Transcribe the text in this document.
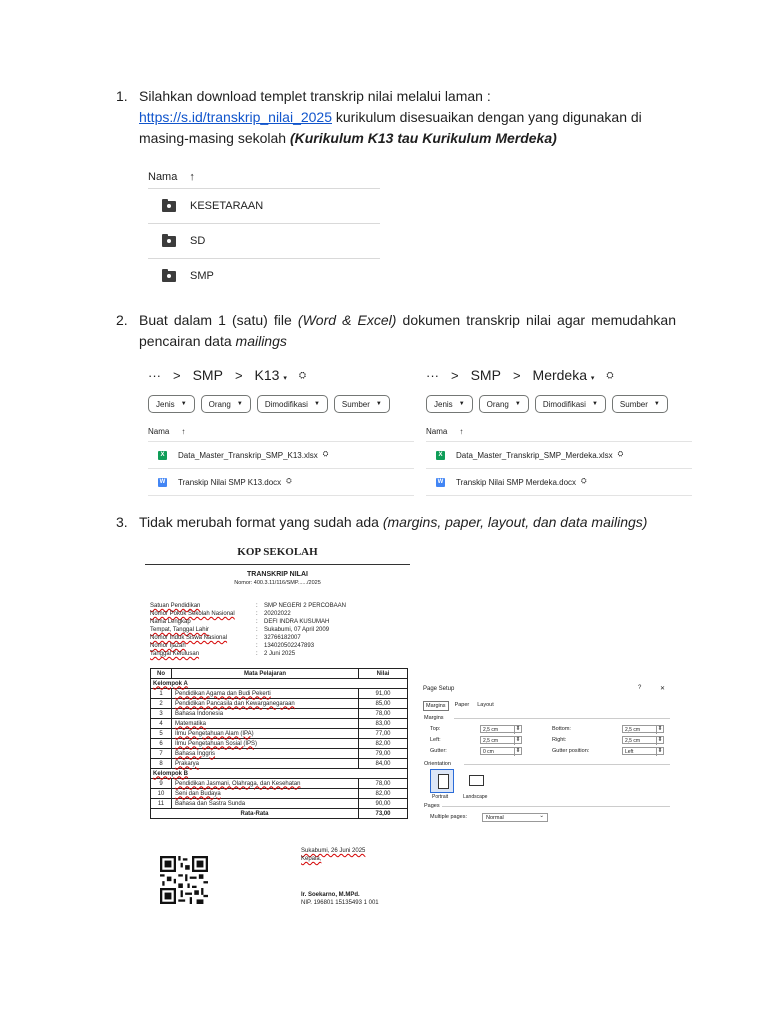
1. Silahkan download templet transkrip nilai melalui laman : https://s.id/transkrip_nilai_2025 kurikulum disesuaikan dengan yang digunakan di masing-masing sekolah (Kurikulum K13 tau Kurikulum Merdeka)
Nama ↑
KESETARAAN
SD
SMP
2. Buat dalam 1 (satu) file (Word & Excel) dokumen transkrip nilai agar memudahkan pencairan data mailings
··· > SMP > K13 ▾ ⛭
Jenis ▼	Orang ▼	Dimodifikasi ▼	Sumber ▼
Nama ↑
X	Data_Master_Transkrip_SMP_K13.xlsx ⛭
W Transkip Nilai SMP K13.docx ⛭
··· > SMP > Merdeka ▾ ⛭
Jenis ▼	Orang ▼	Dimodifikasi ▼	Sumber ▼
Nama ↑
X	Data_Master_Transkrip_SMP_Merdeka.xlsx ⛭
W Transkip Nilai SMP Merdeka.docx ⛭
3. Tidak merubah format yang sudah ada (margins, paper, layout, dan data mailings)
KOP SEKOLAH
TRANSKRIP NILAI
Nomor: 400.3.11/116/SMP....../2025
Satuan Pendidikan	:	SMP NEGERI 2 PERCOBAAN
Nomor Pokok Sekolah Nasional	:	20202022
Nama Lengkap	:	DEFI INDRA KUSUMAH
Tempat, Tanggal Lahir	:	Sukabumi, 07 April 2009
Nomor Induk Siswa Nasional	:	32766182007
Nomor Ijazah	:	134020502247893
Tanggal Kelulusan	:	2 Juni 2025
No	Mata Pelajaran	Nilai
Kelompok A		
1	Pendidikan Agama dan Budi Pekerti	91,00
2	Pendidikan Pancasila dan Kewarganegaraan	85,00
3	Bahasa Indonesia	78,00
4	Matematika	83,00
5	Ilmu Pengetahuan Alam (IPA)	77,00
6	Ilmu Pengetahuan Sosial (IPS)	82,00
7	Bahasa Inggris	79,00
8	Prakarya	84,00
Kelompok B		
9	Pendidikan Jasmani, Olahraga, dan Kesehatan	78,00
10	Seni dan Budaya	82,00
11	Bahasa dan Sastra Sunda	90,00
Rata-Rata		73,00
Sukabumi, 26 Juni 2025
Kepala,
Ir. Soekarno, M.MPd.
NIP. 196801 15135493 1 001
Page Setup	?	✕
Margins	Paper	Layout
Margins
Top:	2,5 cm ⬍	Bottom:	2,5 cm ⬍
Left:	2,5 cm ⬍	Right:	2,5 cm ⬍
Gutter:	0 cm ⬍	Gutter position:	Left ⬍
Orientation
Portrait	Landscape
Pages
Multiple pages:	Normal ⌄
